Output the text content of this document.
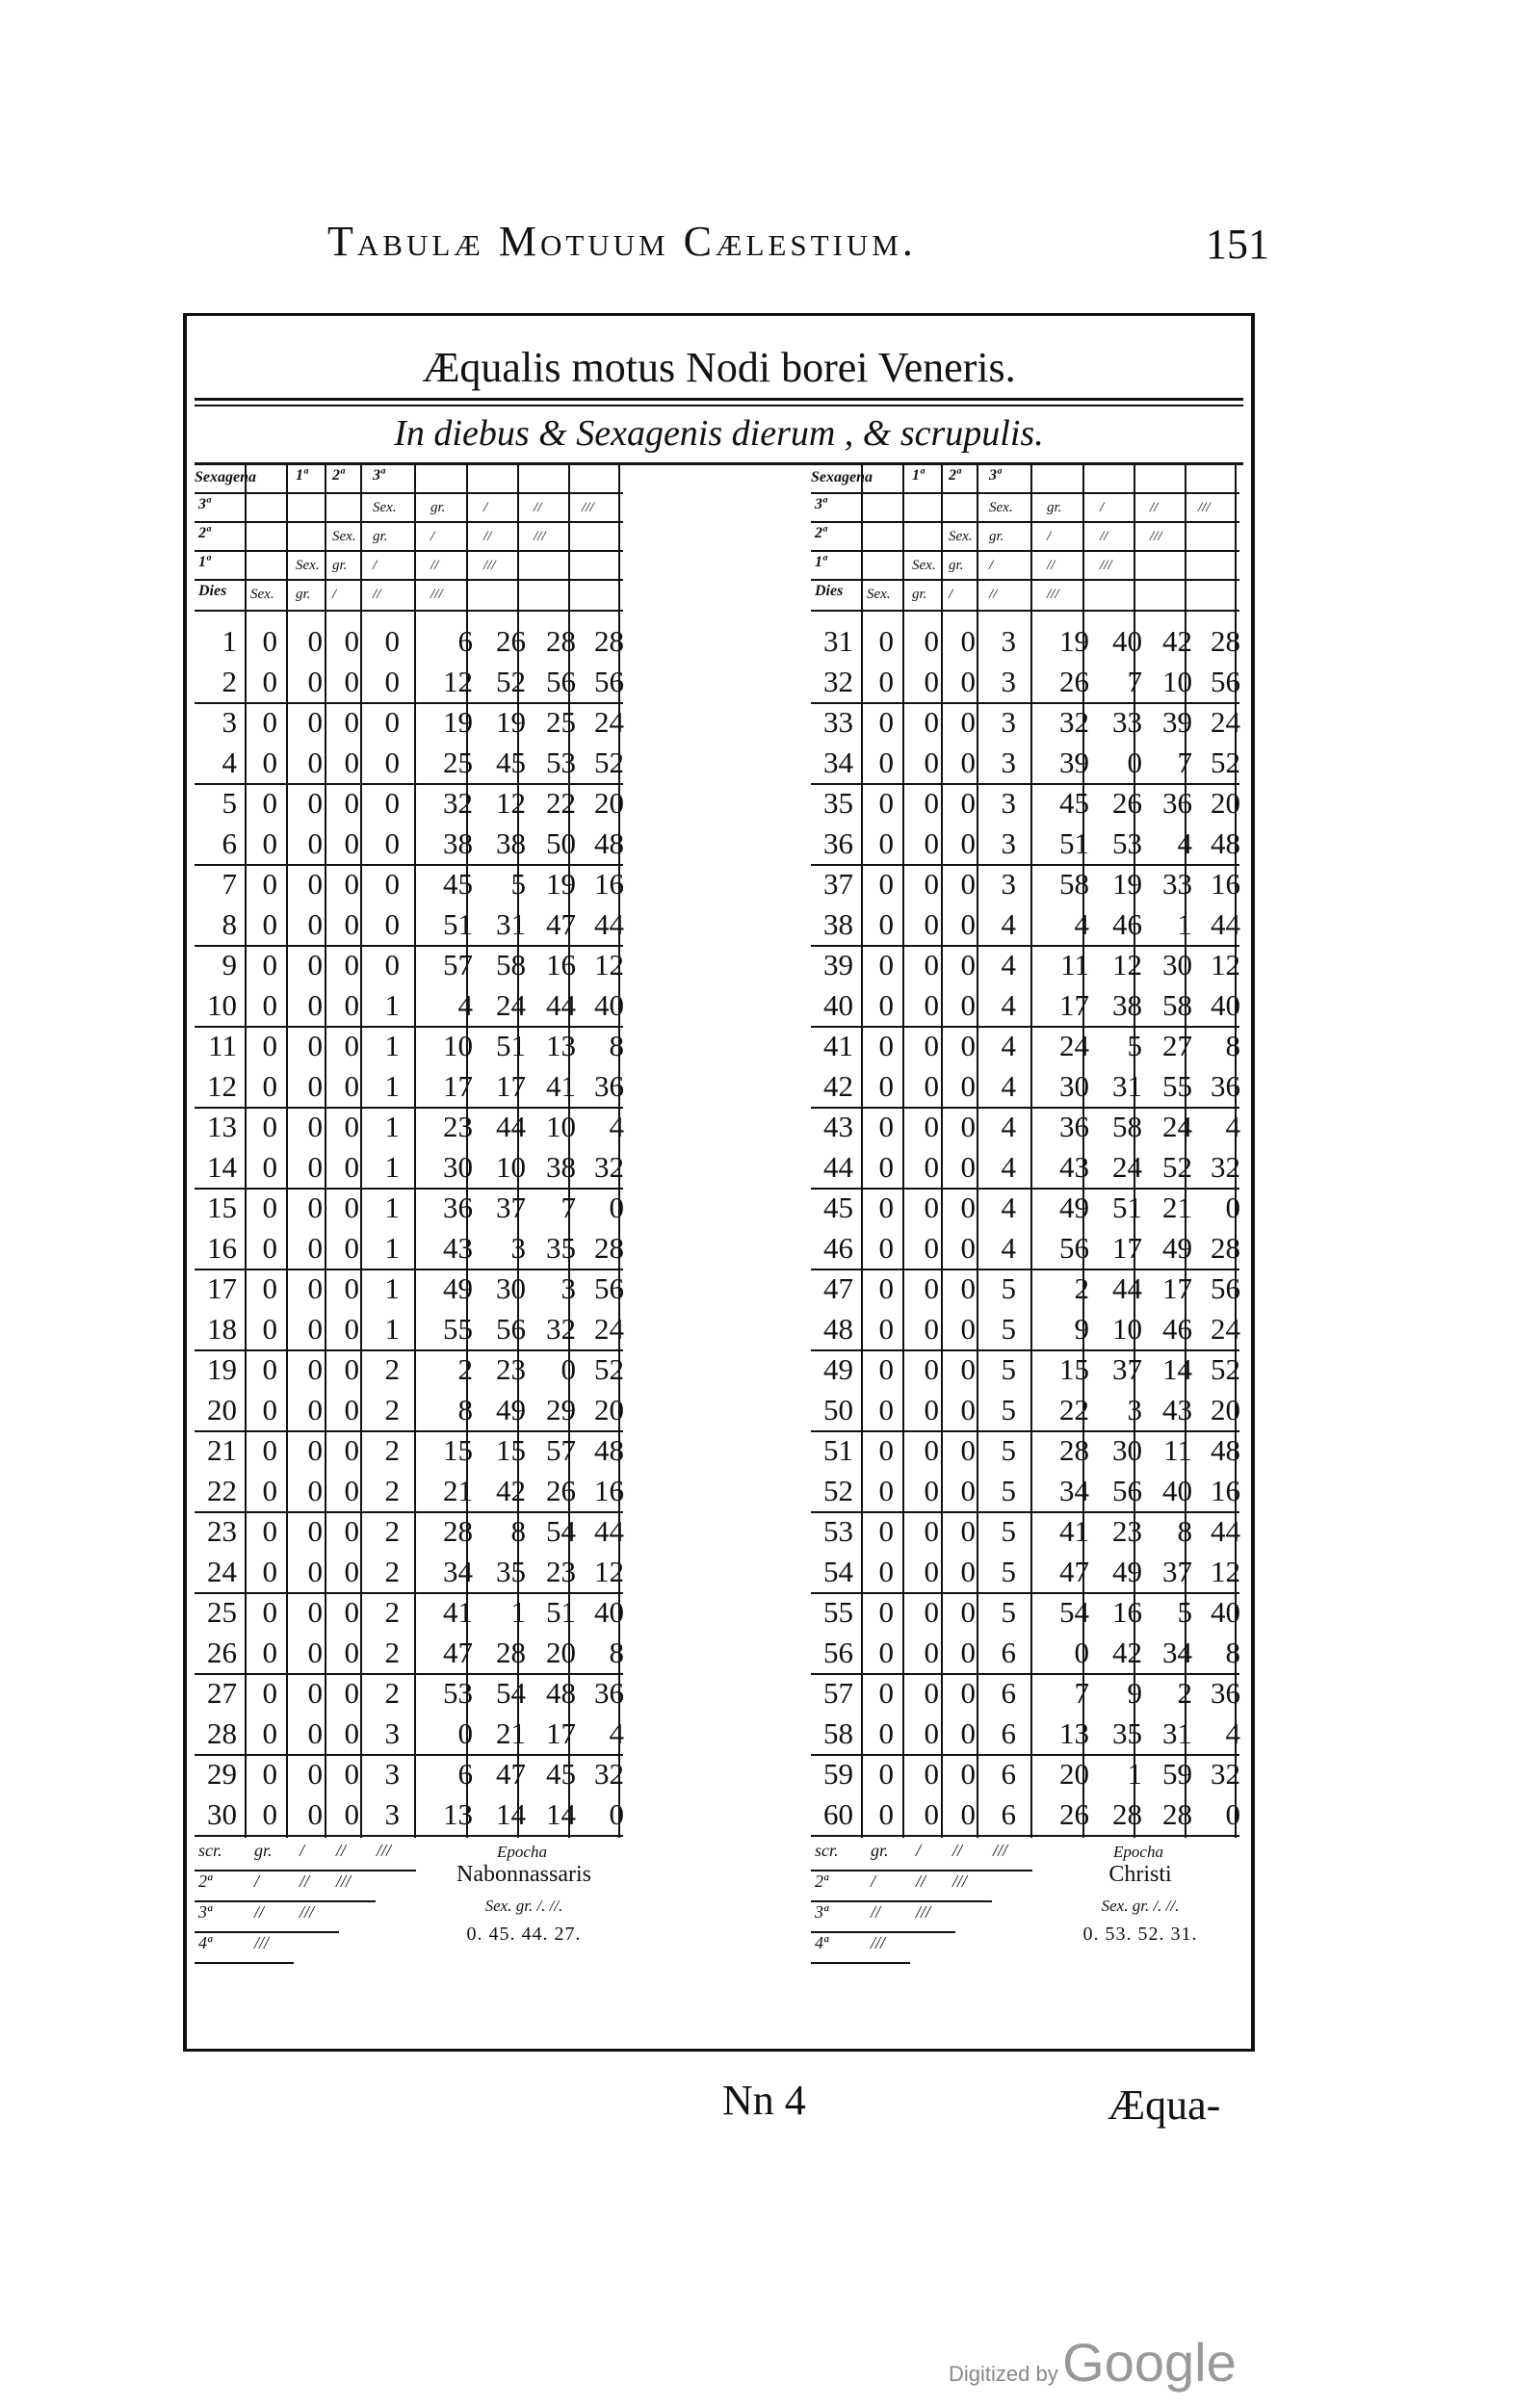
Tabulæ Motuum Cælestium.	151
Æqualis motus Nodi borei Veneris.
In diebus & Sexagenis dierum , & scrupulis.
Sexagena	1ª 2ª 3ª
3ª
2ª
1ª
Dies
Sex. gr.	/	//	///
Sex. gr.	/	//	///
Sex. gr. /	//	///
Sex. gr. /	//	///
1 0	0 0 0	6 26 28 28
2 0	0 0 0	12 52 56 56
3 0	0 0 0	19 19 25 24
4 0	0 0 0	25 45 53 52
5 0	0 0 0	32 12 22 20
6 0	0 0 0	38 38 50 48
7 0	0 0 0	45	5 19 16
8 0	0 0 0	51 31 47 44
9 0	0 0 0	57 58 16 12
10 0	0 0 1	4 24 44 40
11 0	0 0 1	10 51 13	8
12 0	0 0 1	17 17 41 36
13 0	0 0 1	23 44 10	4
14 0	0 0 1	30 10 38 32
15 0	0 0 1	36 37	7	0
16 0	0 0 1	43	3 35 28
17 0	0 0 1	49 30	3 56
18 0	0 0 1	55 56 32 24
19 0	0 0 2	2 23	0 52
20 0	0 0 2	8 49 29 20
21 0	0 0 2	15 15 57 48
22 0	0 0 2	21 42 26 16
23 0	0 0 2	28	8 54 44
24 0	0 0 2	34 35 23 12
25 0	0 0 2	41	1 51 40
26 0	0 0 2	47 28 20	8
27 0	0 0 2	53 54 48 36
28 0	0 0 3	0 21 17	4
29 0	0 0 3	6 47 45 32
30 0	0 0 3	13 14 14	0
scr. gr. / // ///
2ª / // ///
3ª // ///
4ª ///
Epocha
Nabonnassaris
Sex. gr. /. //.
0. 45. 44. 27.
Sexagena	1ª 2ª 3ª
3ª
2ª
1ª
Dies
Sex. gr.	/	//	///
Sex. gr.	/	//	///
Sex. gr. /	//	///
Sex. gr. /	//	///
31 0	0 0 3	19 40 42 28
32 0	0 0 3	26	7 10 56
33 0	0 0 3	32 33 39 24
34 0	0 0 3	39	0	7 52
35 0	0 0 3	45 26 36 20
36 0	0 0 3	51 53	4 48
37 0	0 0 3	58 19 33 16
38 0	0 0 4	4 46	1 44
39 0	0 0 4	11 12 30 12
40 0	0 0 4	17 38 58 40
41 0	0 0 4	24	5 27	8
42 0	0 0 4	30 31 55 36
43 0	0 0 4	36 58 24	4
44 0	0 0 4	43 24 52 32
45 0	0 0 4	49 51 21	0
46 0	0 0 4	56 17 49 28
47 0	0 0 5	2 44 17 56
48 0	0 0 5	9 10 46 24
49 0	0 0 5	15 37 14 52
50 0	0 0 5	22	3 43 20
51 0	0 0 5	28 30 11 48
52 0	0 0 5	34 56 40 16
53 0	0 0 5	41 23	8 44
54 0	0 0 5	47 49 37 12
55 0	0 0 5	54 16	5 40
56 0	0 0 6	0 42 34	8
57 0	0 0 6	7	9	2 36
58 0	0 0 6	13 35 31	4
59 0	0 0 6	20	1 59 32
60 0	0 0 6	26 28 28	0
scr. gr. / // ///
2ª / // ///
3ª // ///
4ª ///
Epocha
Christi
Sex. gr. /. //.
0. 53. 52. 31.
Nn 4	Æqua-
Digitized by Google
